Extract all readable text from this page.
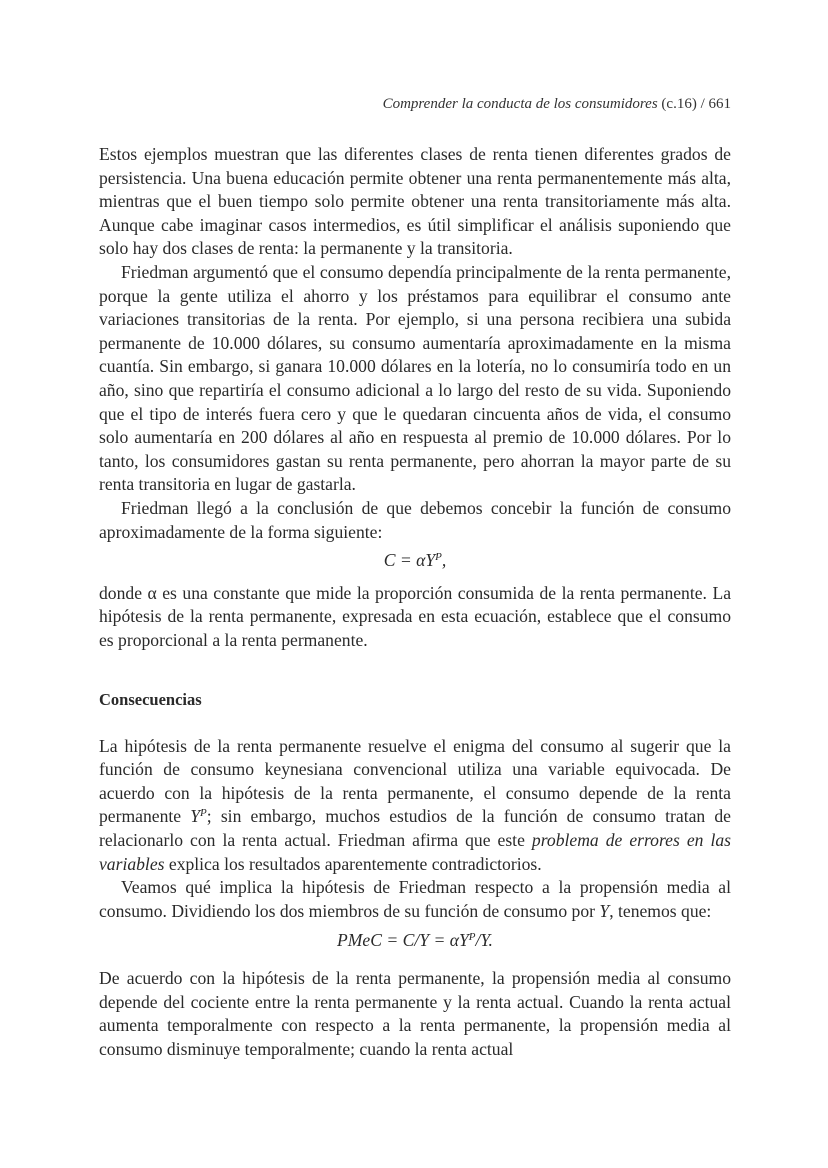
Comprender la conducta de los consumidores (c.16) / 661

Estos ejemplos muestran que las diferentes clases de renta tienen diferentes grados de persistencia. Una buena educación permite obtener una renta permanentemente más alta, mientras que el buen tiempo solo permite obtener una renta transitoriamente más alta. Aunque cabe imaginar casos intermedios, es útil simplificar el análisis suponiendo que solo hay dos clases de renta: la permanente y la transitoria.

Friedman argumentó que el consumo dependía principalmente de la renta permanente, porque la gente utiliza el ahorro y los préstamos para equilibrar el consumo ante variaciones transitorias de la renta. Por ejemplo, si una persona recibiera una subida permanente de 10.000 dólares, su consumo aumentaría aproximadamente en la misma cuantía. Sin embargo, si ganara 10.000 dólares en la lotería, no lo consumiría todo en un año, sino que repartiría el consumo adicional a lo largo del resto de su vida. Suponiendo que el tipo de interés fuera cero y que le quedaran cincuenta años de vida, el consumo solo aumentaría en 200 dólares al año en respuesta al premio de 10.000 dólares. Por lo tanto, los consumidores gastan su renta permanente, pero ahorran la mayor parte de su renta transitoria en lugar de gastarla.

Friedman llegó a la conclusión de que debemos concebir la función de consumo aproximadamente de la forma siguiente:

$C = \alpha Y^P$,

donde α es una constante que mide la proporción consumida de la renta permanente. La hipótesis de la renta permanente, expresada en esta ecuación, establece que el consumo es proporcional a la renta permanente.

Consecuencias

La hipótesis de la renta permanente resuelve el enigma del consumo al sugerir que la función de consumo keynesiana convencional utiliza una variable equivocada. De acuerdo con la hipótesis de la renta permanente, el consumo depende de la renta permanente $Y^P$; sin embargo, muchos estudios de la función de consumo tratan de relacionarlo con la renta actual. Friedman afirma que este problema de errores en las variables explica los resultados aparentemente contradictorios.

Veamos qué implica la hipótesis de Friedman respecto a la propensión media al consumo. Dividiendo los dos miembros de su función de consumo por Y, tenemos que:

PMeC = $C/Y = \alpha Y^P/Y$.

De acuerdo con la hipótesis de la renta permanente, la propensión media al consumo depende del cociente entre la renta permanente y la renta actual. Cuando la renta actual aumenta temporalmente con respecto a la renta permanente, la propensión media al consumo disminuye temporalmente; cuando la renta actual
